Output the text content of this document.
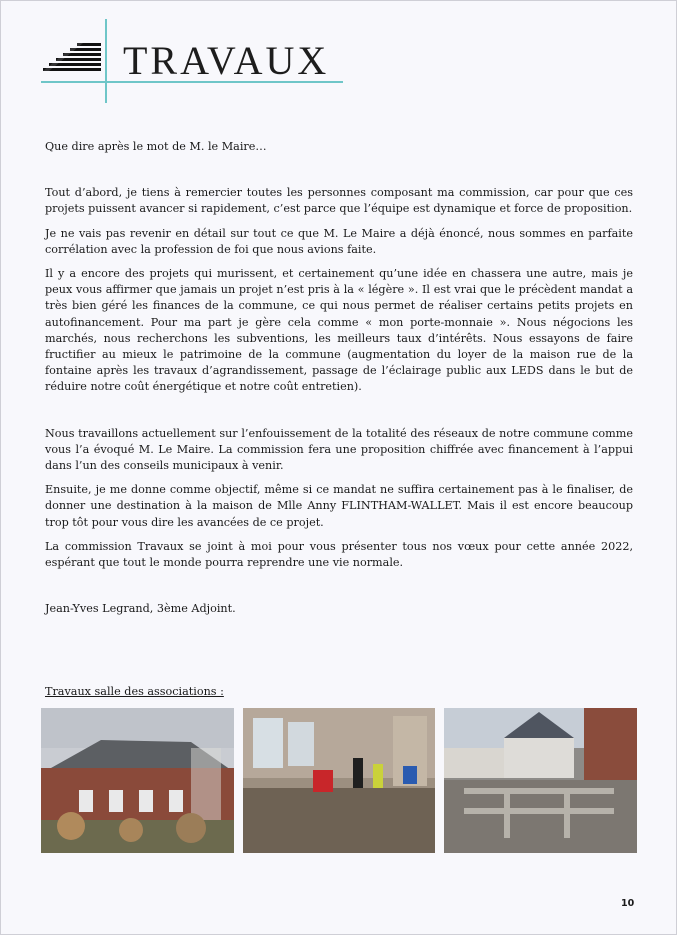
TRAVAUX

Que dire après le mot de M. le Maire…

Tout d’abord, je tiens à remercier toutes les personnes composant ma commission, car pour que ces projets puissent avancer si rapidement, c’est parce que l’équipe est dynamique et force de proposition.

Je ne vais pas revenir en détail sur tout ce que M. Le Maire a déjà énoncé, nous sommes en parfaite corrélation avec la profession de foi que nous avions faite.

Il y a encore des projets qui murissent, et certainement qu’une idée en chassera une autre, mais je peux vous affirmer que jamais un projet n’est pris à la « légère ». Il est vrai que le précèdent mandat a très bien géré les finances de la commune, ce qui nous permet de réaliser certains petits projets en autofinancement. Pour ma part je gère cela comme « mon porte-monnaie ». Nous négocions les marchés, nous recherchons les subventions, les meilleurs taux d’intérêts. Nous essayons de faire fructifier au mieux le patrimoine de la commune (augmentation du loyer de la maison rue de la fontaine après les travaux d’agrandissement, passage de l’éclairage public aux LEDS dans le but de réduire notre coût énergétique et notre coût entretien).

Nous travaillons actuellement sur l’enfouissement de la totalité des réseaux de notre commune comme vous l’a évoqué M. Le Maire. La commission fera une proposition chiffrée avec financement à l’appui dans l’un des conseils municipaux à venir.

Ensuite, je me donne comme objectif, même si ce mandat ne suffira certainement pas à le finaliser, de donner une destination à la maison de Mlle Anny FLINTHAM-WALLET. Mais il est encore beaucoup trop tôt pour vous dire les avancées de ce projet.

La commission Travaux se joint à moi pour vous présenter tous nos vœux pour cette année 2022, espérant que tout le monde pourra reprendre une vie normale.

Jean-Yves Legrand, 3ème Adjoint.

Travaux salle des associations :

10
